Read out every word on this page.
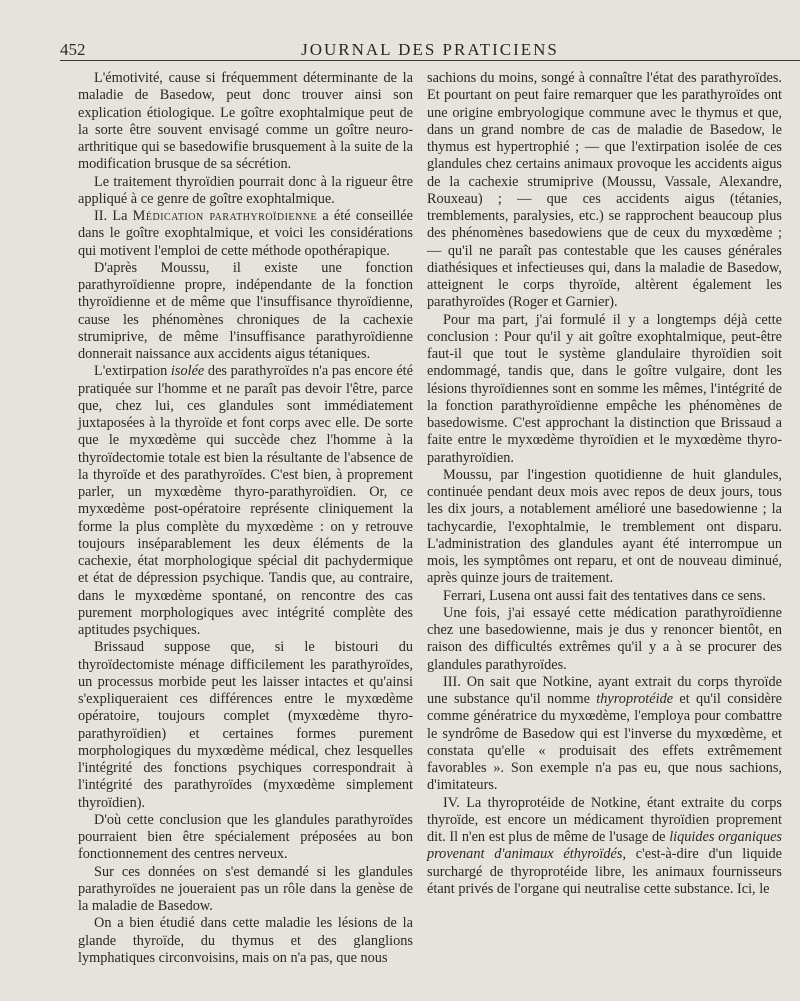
452	JOURNAL DES PRATICIENS

L'émotivité, cause si fréquemment déterminante de la maladie de Basedow, peut donc trouver ainsi son explication étiologique. Le goître exophtalmique peut de la sorte être souvent envisagé comme un goître neuro-arthritique qui se basedowifie brusquement à la suite de la modification brusque de sa sécrétion.

Le traitement thyroïdien pourrait donc à la rigueur être appliqué à ce genre de goître exophtalmique.

II. La Médication parathyroïdienne a été conseillée dans le goître exophtalmique, et voici les considérations qui motivent l'emploi de cette méthode opothérapique.

D'après Moussu, il existe une fonction parathyroïdienne propre, indépendante de la fonction thyroïdienne et de même que l'insuffisance thyroïdienne, cause les phénomènes chroniques de la cachexie strumiprive, de même l'insuffisance parathyroïdienne donnerait naissance aux accidents aigus tétaniques.

L'extirpation isolée des parathyroïdes n'a pas encore été pratiquée sur l'homme et ne paraît pas devoir l'être, parce que, chez lui, ces glandules sont immédiatement juxtaposées à la thyroïde et font corps avec elle. De sorte que le myxœdème qui succède chez l'homme à la thyroïdectomie totale est bien la résultante de l'absence de la thyroïde et des parathyroïdes. C'est bien, à proprement parler, un myxœdème thyro-parathyroïdien. Or, ce myxœdème post-opératoire représente cliniquement la forme la plus complète du myxœdème : on y retrouve toujours inséparablement les deux éléments de la cachexie, état morphologique spécial dit pachydermique et état de dépression psychique. Tandis que, au contraire, dans le myxœdème spontané, on rencontre des cas purement morphologiques avec intégrité complète des aptitudes psychiques.

Brissaud suppose que, si le bistouri du thyroïdectomiste ménage difficilement les parathyroïdes, un processus morbide peut les laisser intactes et qu'ainsi s'expliqueraient ces différences entre le myxœdème opératoire, toujours complet (myxœdème thyro-parathyroïdien) et certaines formes purement morphologiques du myxœdème médical, chez lesquelles l'intégrité des fonctions psychiques correspondrait à l'intégrité des parathyroïdes (myxœdème simplement thyroïdien).

D'où cette conclusion que les glandules parathyroïdes pourraient bien être spécialement préposées au bon fonctionnement des centres nerveux.

Sur ces données on s'est demandé si les glandules parathyroïdes ne joueraient pas un rôle dans la genèse de la maladie de Basedow.

On a bien étudié dans cette maladie les lésions de la glande thyroïde, du thymus et des glanglions lymphatiques circonvoisins, mais on n'a pas, que nous

sachions du moins, songé à connaître l'état des parathyroïdes. Et pourtant on peut faire remarquer que les parathyroïdes ont une origine embryologique commune avec le thymus et que, dans un grand nombre de cas de maladie de Basedow, le thymus est hypertrophié ; — que l'extirpation isolée de ces glandules chez certains animaux provoque les accidents aigus de la cachexie strumiprive (Moussu, Vassale, Alexandre, Rouxeau) ; — que ces accidents aigus (tétanies, tremblements, paralysies, etc.) se rapprochent beaucoup plus des phénomènes basedowiens que de ceux du myxœdème ; — qu'il ne paraît pas contestable que les causes générales diathésiques et infectieuses qui, dans la maladie de Basedow, atteignent le corps thyroïde, altèrent également les parathyroïdes (Roger et Garnier).

Pour ma part, j'ai formulé il y a longtemps déjà cette conclusion : Pour qu'il y ait goître exophtalmique, peut-être faut-il que tout le système glandulaire thyroïdien soit endommagé, tandis que, dans le goître vulgaire, dont les lésions thyroïdiennes sont en somme les mêmes, l'intégrité de la fonction parathyroïdienne empêche les phénomènes de basedowisme. C'est approchant la distinction que Brissaud a faite entre le myxœdème thyroïdien et le myxœdème thyro-parathyroïdien.

Moussu, par l'ingestion quotidienne de huit glandules, continuée pendant deux mois avec repos de deux jours, tous les dix jours, a notablement amélioré une basedowienne ; la tachycardie, l'exophtalmie, le tremblement ont disparu. L'administration des glandules ayant été interrompue un mois, les symptômes ont reparu, et ont de nouveau diminué, après quinze jours de traitement.

Ferrari, Lusena ont aussi fait des tentatives dans ce sens.

Une fois, j'ai essayé cette médication parathyroïdienne chez une basedowienne, mais je dus y renoncer bientôt, en raison des difficultés extrêmes qu'il y a à se procurer des glandules parathyroïdes.

III. On sait que Notkine, ayant extrait du corps thyroïde une substance qu'il nomme thyroprotéide et qu'il considère comme génératrice du myxœdème, l'employa pour combattre le syndrôme de Basedow qui est l'inverse du myxœdème, et constata qu'elle « produisait des effets extrêmement favorables ». Son exemple n'a pas eu, que nous sachions, d'imitateurs.

IV. La thyroprotéide de Notkine, étant extraite du corps thyroïde, est encore un médicament thyroïdien proprement dit. Il n'en est plus de même de l'usage de liquides organiques provenant d'animaux éthyroïdés, c'est-à-dire d'un liquide surchargé de thyroprotéide libre, les animaux fournisseurs étant privés de l'organe qui neutralise cette substance. Ici, le
